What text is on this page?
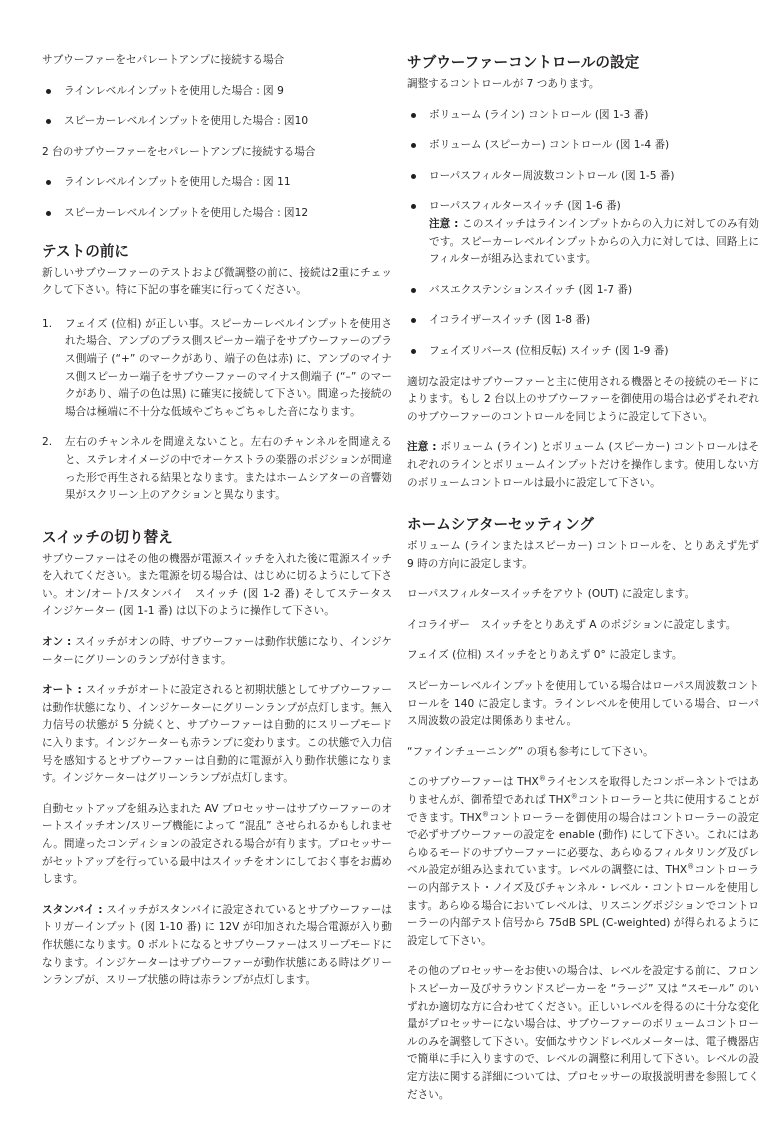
サブウーファーをセパレートアンプに接続する場合

ラインレベルインプットを使用した場合 : 図 9
スピーカーレベルインプットを使用した場合 : 図10

2 台のサブウーファーをセパレートアンプに接続する場合

ラインレベルインプットを使用した場合 : 図 11
スピーカーレベルインプットを使用した場合 : 図12
テストの前に

新しいサブウーファーのテストおよび微調整の前に、接続は2重にチェックして下さい。特に下記の事を確実に行ってください。

1.	フェイズ (位相) が正しい事。スピーカーレベルインプットを使用された場合、アンプのプラス側スピーカー端子をサブウーファーのプラス側端子 (“+” のマークがあり、端子の色は赤) に、アンプのマイナス側スピーカー端子をサブウーファーのマイナス側端子 (“–” のマークがあり、端子の色は黒) に確実に接続して下さい。間違った接続の場合は極端に不十分な低域やごちゃごちゃした音になります。
2.	左右のチャンネルを間違えないこと。左右のチャンネルを間違えると、ステレオイメージの中でオーケストラの楽器のポジションが間違った形で再生される結果となります。またはホームシアターの音響効果がスクリーン上のアクションと異なります。
スイッチの切り替え

サブウーファーはその他の機器が電源スイッチを入れた後に電源スイッチを入れてください。また電源を切る場合は、はじめに切るようにして下さい。オン/オート/スタンバイ　スイッチ (図 1-2 番) そしてステータス　インジケーター (図 1-1 番) は以下のように操作して下さい。

オン : スイッチがオンの時、サブウーファーは動作状態になり、インジケーターにグリーンのランプが付きます。

オート : スイッチがオートに設定されると初期状態としてサブウーファーは動作状態になり、インジケーターにグリーンランプが点灯します。無入力信号の状態が 5 分続くと、サブウーファーは自動的にスリープモードに入ります。インジケーターも赤ランプに変わります。この状態で入力信号を感知するとサブウーファーは自動的に電源が入り動作状態になります。インジケーターはグリーンランプが点灯します。

自動セットアップを組み込まれた AV プロセッサーはサブウーファーのオートスイッチオン/スリープ機能によって “混乱” させられるかもしれません。間違ったコンディションの設定される場合が有ります。プロセッサーがセットアップを行っている最中はスイッチをオンにしておく事をお薦めします。

スタンバイ : スイッチがスタンバイに設定されているとサブウーファーはトリガーインプット (図 1-10 番) に 12V が印加された場合電源が入り動作状態になります。0 ボルトになるとサブウーファーはスリープモードになります。インジケーターはサブウーファーが動作状態にある時はグリーンランプが、スリープ状態の時は赤ランプが点灯します。

サブウーファーコントロールの設定

調整するコントロールが 7 つあります。

ボリューム (ライン) コントロール (図 1-3 番)
ボリューム (スピーカー) コントロール (図 1-4 番)
ローパスフィルター周波数コントロール (図 1-5 番)
ローパスフィルタースイッチ (図 1-6 番)
注意 : このスイッチはラインインプットからの入力に対してのみ有効です。スピーカーレベルインプットからの入力に対しては、回路上にフィルターが組み込まれています。
バスエクステンションスイッチ (図 1-7 番)
イコライザースイッチ (図 1-8 番)
フェイズリバース (位相反転) スイッチ (図 1-9 番)

適切な設定はサブウーファーと主に使用される機器とその接続のモードによります。もし 2 台以上のサブウーファーを御使用の場合は必ずそれぞれのサブウーファーのコントロールを同じように設定して下さい。

注意 : ボリューム (ライン) とボリューム (スピーカー) コントロールはそれぞれのラインとボリュームインプットだけを操作します。使用しない方のボリュームコントロールは最小に設定して下さい。

ホームシアターセッティング

ボリューム (ラインまたはスピーカー) コントロールを、とりあえず先ず 9 時の方向に設定します。

ローパスフィルタースイッチをアウト (OUT) に設定します。

イコライザー　スイッチをとりあえず A のポジションに設定します。

フェイズ (位相) スイッチをとりあえず 0° に設定します。

スピーカーレベルインプットを使用している場合はローパス周波数コントロールを 140 に設定します。ラインレベルを使用している場合、ローパス周波数の設定は関係ありません。

“ファインチューニング” の項も参考にして下さい。

このサブウーファーは THX®ライセンスを取得したコンポーネントではありませんが、御希望であれば THX®コントローラーと共に使用することができます。THX®コントローラーを御使用の場合はコントローラーの設定で必ずサブウーファーの設定を enable (動作) にして下さい。これにはあらゆるモードのサブウーファーに必要な、あらゆるフィルタリング及びレベル設定が組み込まれています。レベルの調整には、THX®コントローラーの内部テスト・ノイズ及びチャンネル・レベル・コントロールを使用します。あらゆる場合においてレベルは、リスニングポジションでコントローラーの内部テスト信号から 75dB SPL (C-weighted) が得られるように設定して下さい。

その他のプロセッサーをお使いの場合は、レベルを設定する前に、フロントスピーカー及びサラウンドスピーカーを “ラージ” 又は “スモール” のいずれか適切な方に合わせてください。正しいレベルを得るのに十分な変化量がプロセッサーにない場合は、サブウーファーのボリュームコントロールのみを調整して下さい。安価なサウンドレベルメーターは、電子機器店で簡単に手に入りますので、レベルの調整に利用して下さい。レベルの設定方法に関する詳細については、プロセッサーの取扱説明書を参照してください。
